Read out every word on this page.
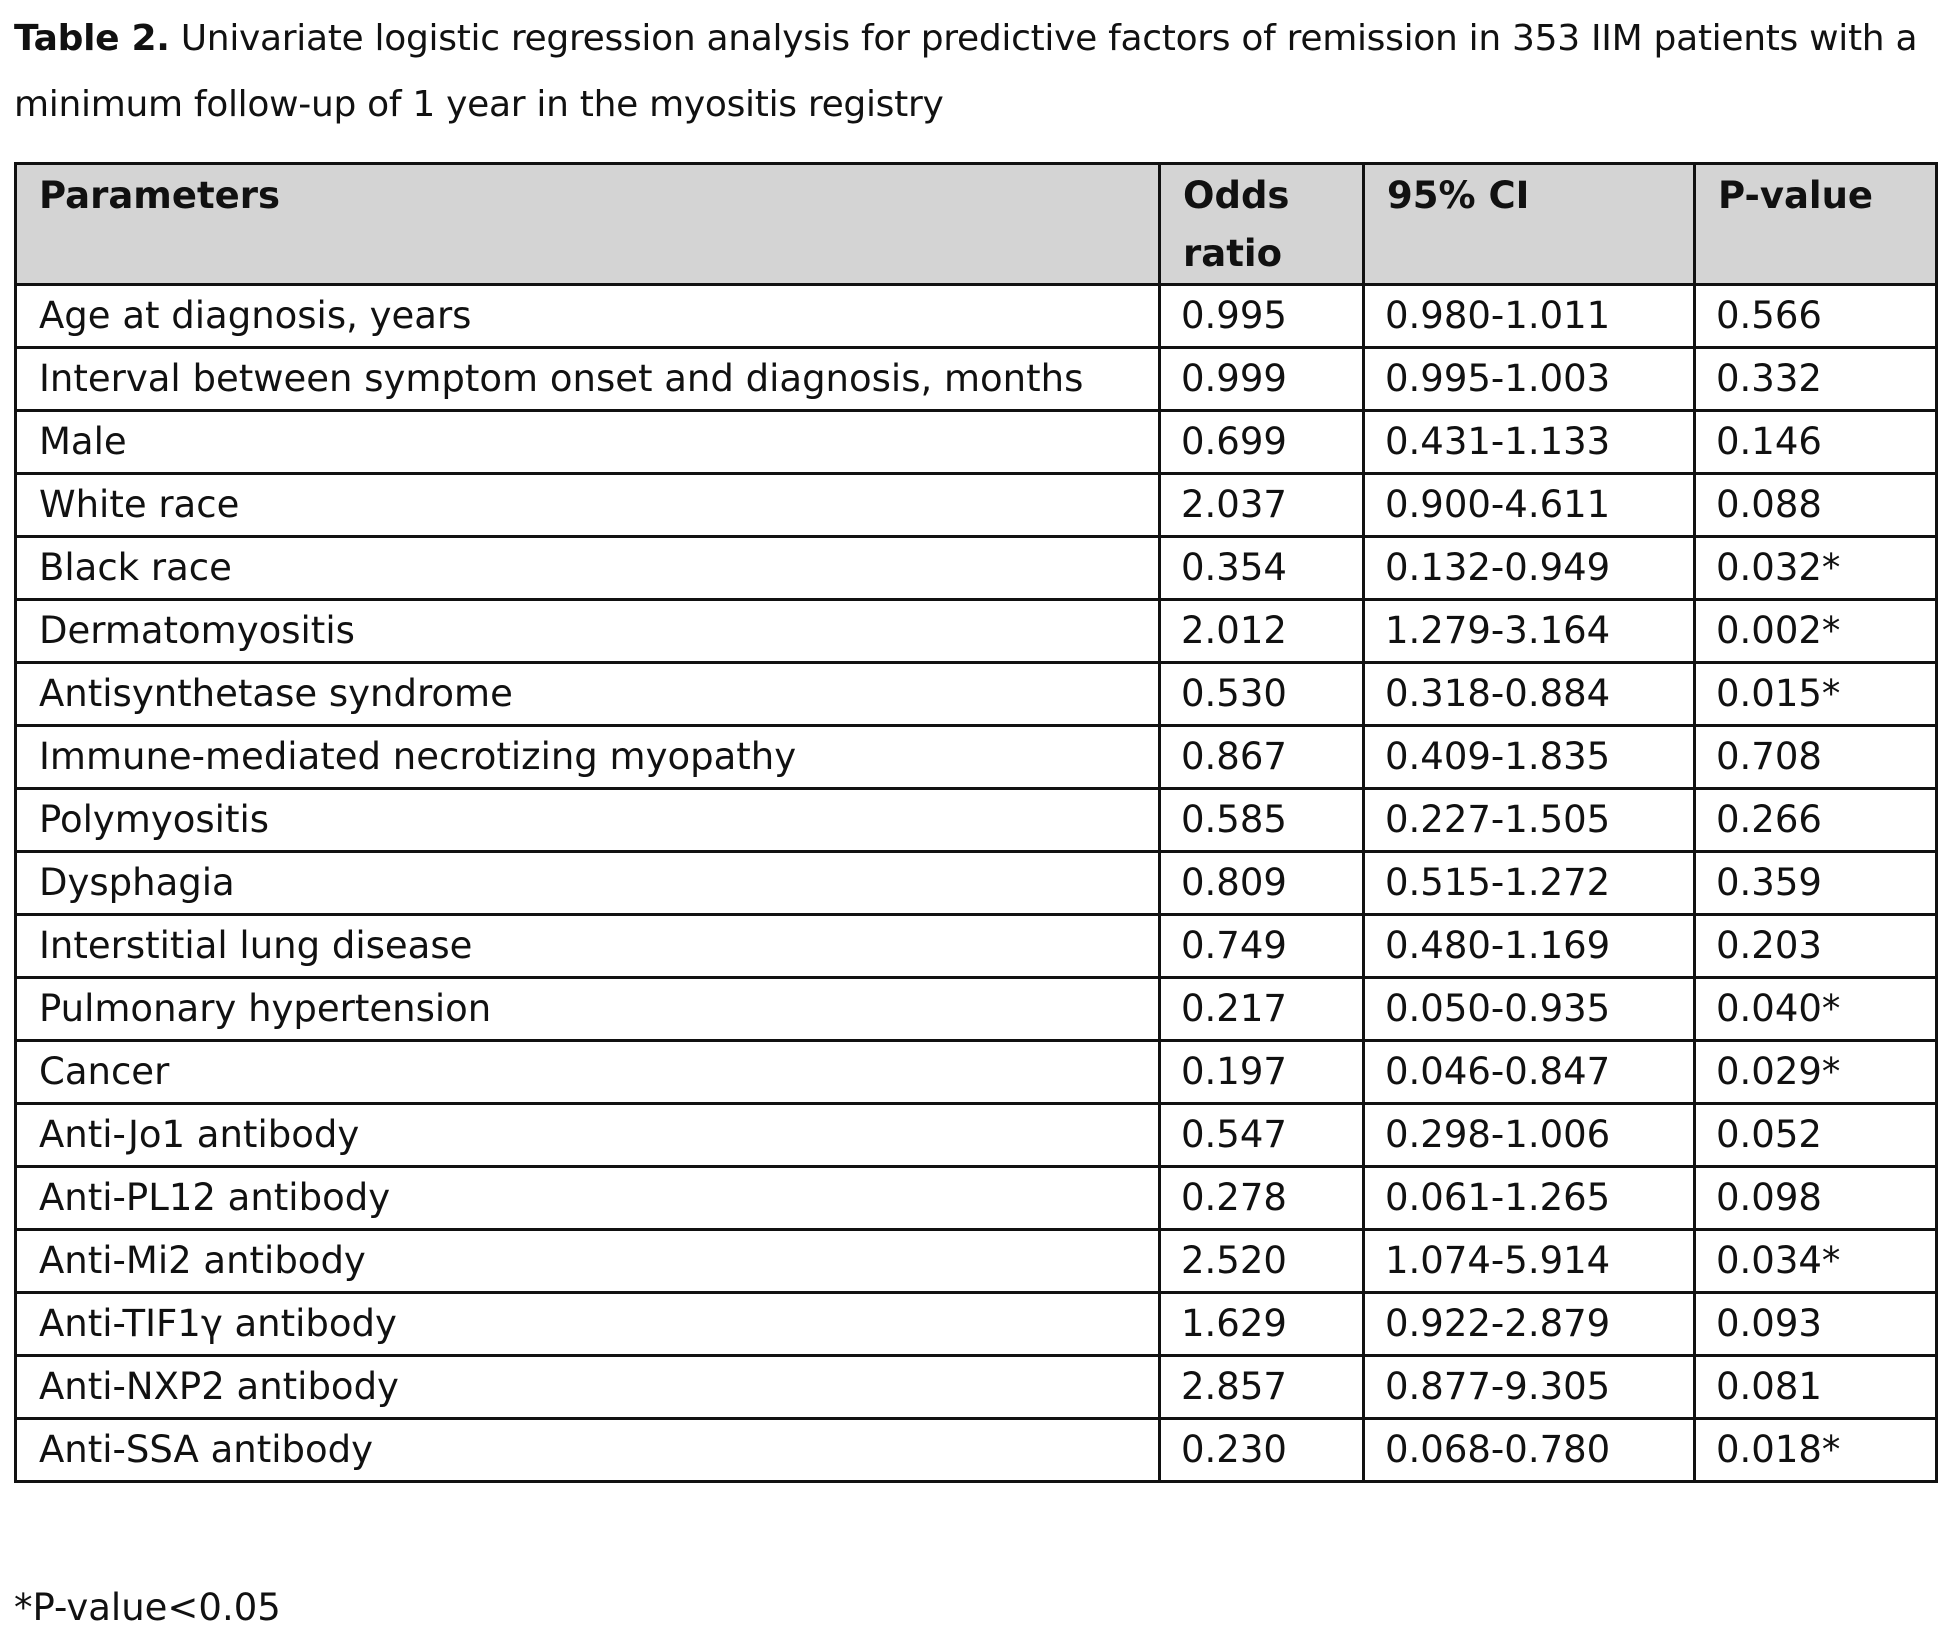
Table 2. Univariate logistic regression analysis for predictive factors of remission in 353 IIM patients with a minimum follow-up of 1 year in the myositis registry
Parameters	Odds ratio	95% CI	P-value
Age at diagnosis, years	0.995	0.980-1.011	0.566
Interval between symptom onset and diagnosis, months	0.999	0.995-1.003	0.332
Male	0.699	0.431-1.133	0.146
White race	2.037	0.900-4.611	0.088
Black race	0.354	0.132-0.949	0.032*
Dermatomyositis	2.012	1.279-3.164	0.002*
Antisynthetase syndrome	0.530	0.318-0.884	0.015*
Immune-mediated necrotizing myopathy	0.867	0.409-1.835	0.708
Polymyositis	0.585	0.227-1.505	0.266
Dysphagia	0.809	0.515-1.272	0.359
Interstitial lung disease	0.749	0.480-1.169	0.203
Pulmonary hypertension	0.217	0.050-0.935	0.040*
Cancer	0.197	0.046-0.847	0.029*
Anti-Jo1 antibody	0.547	0.298-1.006	0.052
Anti-PL12 antibody	0.278	0.061-1.265	0.098
Anti-Mi2 antibody	2.520	1.074-5.914	0.034*
Anti-TIF1γ antibody	1.629	0.922-2.879	0.093
Anti-NXP2 antibody	2.857	0.877-9.305	0.081
Anti-SSA antibody	0.230	0.068-0.780	0.018*
*P-value<0.05
